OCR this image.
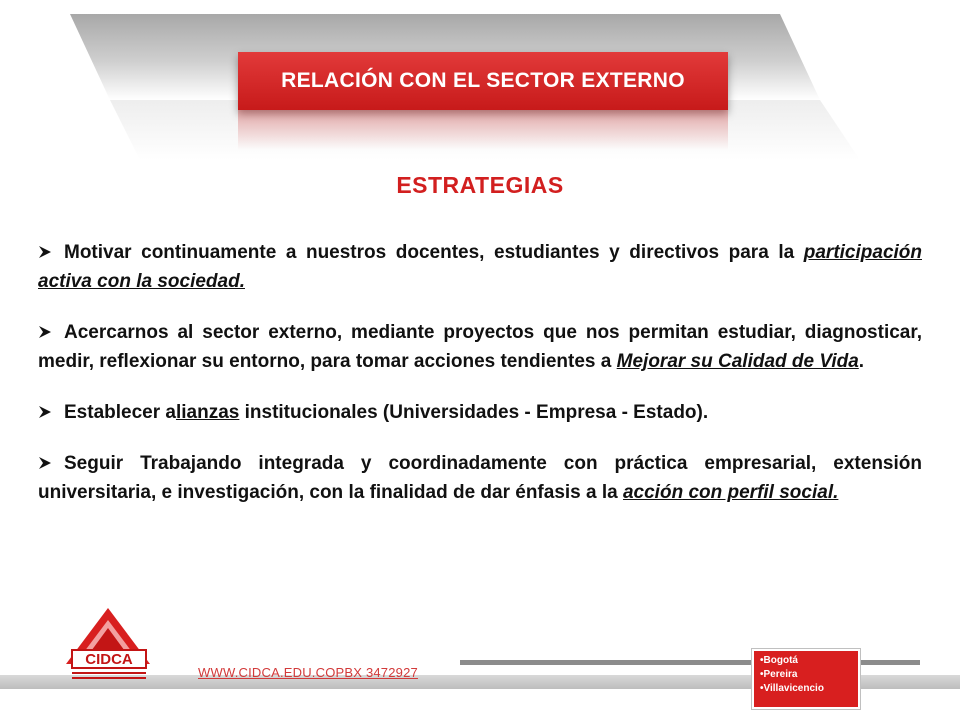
RELACIÓN CON EL SECTOR EXTERNO
ESTRATEGIAS

Motivar continuamente a nuestros docentes, estudiantes y directivos para la participación activa con la sociedad.

Acercarnos al sector externo, mediante proyectos que nos permitan estudiar, diagnosticar, medir, reflexionar su entorno, para tomar acciones tendientes a Mejorar su Calidad de Vida.

Establecer alianzas institucionales (Universidades - Empresa - Estado).

Seguir Trabajando integrada y coordinadamente con práctica empresarial, extensión universitaria, e investigación, con la finalidad de dar énfasis a la acción con perfil social.

CIDCA
WWW.CIDCA.EDU.COPBX 3472927
• Bogotá
• Pereira
• Villavicencio
